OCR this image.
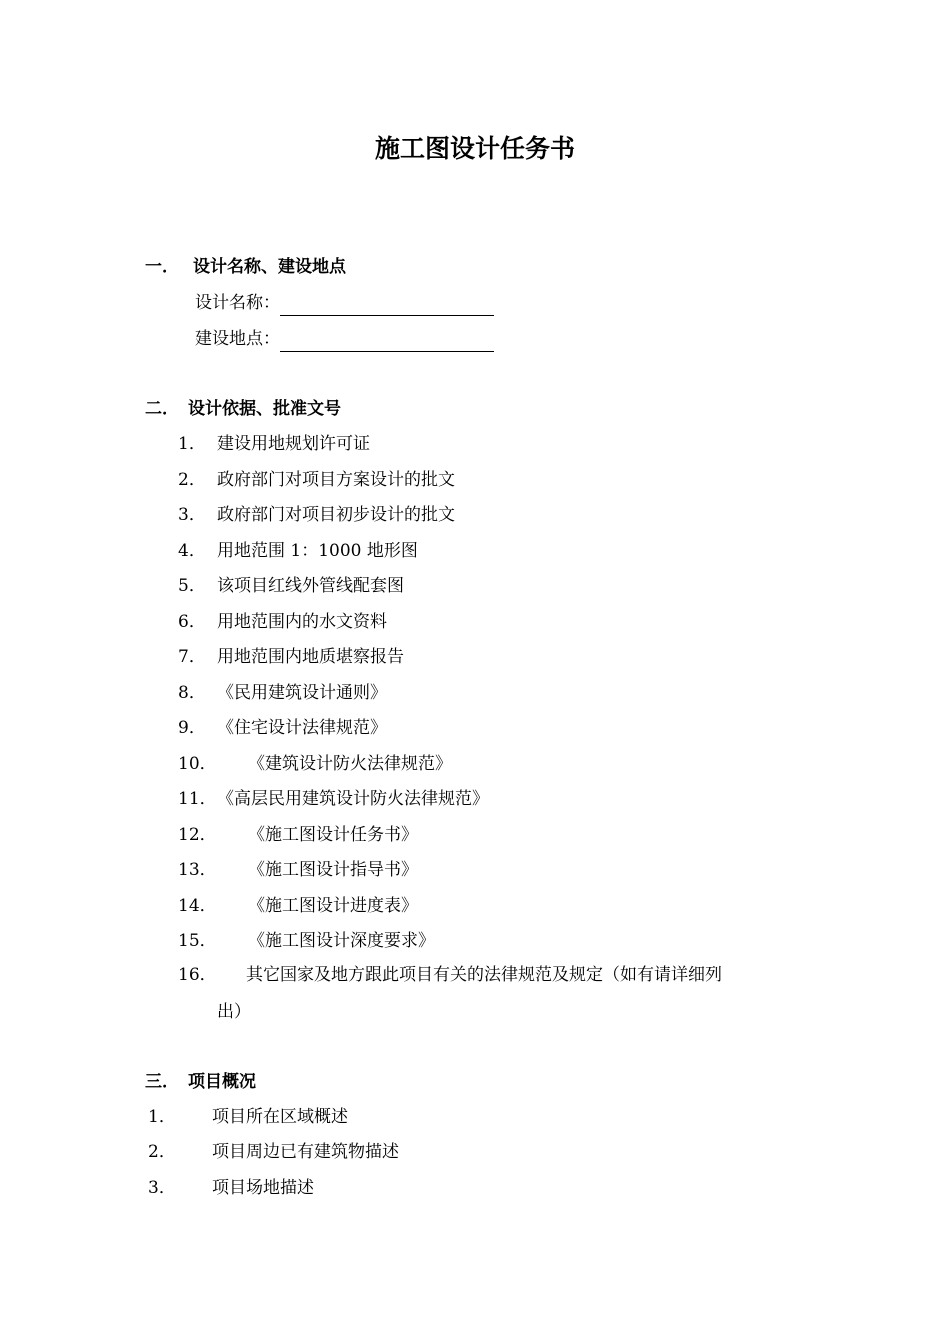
施工图设计任务书
一． 设计名称、建设地点
设计名称：
建设地点：
二． 设计依据、批准文号
1． 建设用地规划许可证
2． 政府部门对项目方案设计的批文
3． 政府部门对项目初步设计的批文
4． 用地范围 1：1000 地形图
5． 该项目红线外管线配套图
6． 用地范围内的水文资料
7． 用地范围内地质堪察报告
8． 《民用建筑设计通则》
9． 《住宅设计法律规范》
10． 《建筑设计防火法律规范》
11． 《高层民用建筑设计防火法律规范》
12． 《施工图设计任务书》
13． 《施工图设计指导书》
14． 《施工图设计进度表》
15． 《施工图设计深度要求》
16． 其它国家及地方跟此项目有关的法律规范及规定（如有请详细列
出）
三． 项目概况
1． 项目所在区域概述
2． 项目周边已有建筑物描述
3． 项目场地描述
